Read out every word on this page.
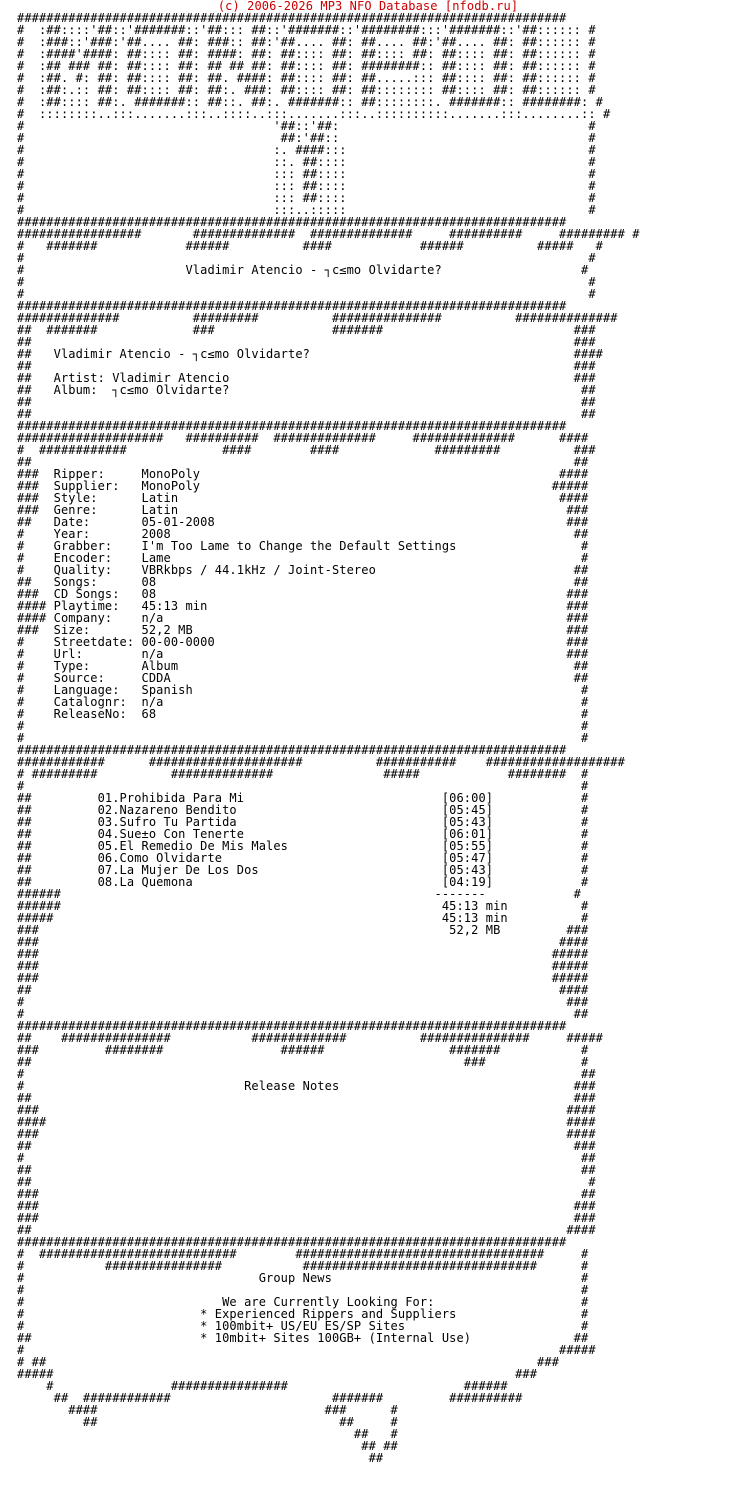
(c) 2006-2026 MP3 NFO Database [nfodb.ru]
###########################################################################
#  :##::::'##::'#######::'##::: ##::'#######::'########:::'#######::'##:::::: #
#  :###::'###:'##.... ##: ###:: ##:'##.... ##: ##.... ##:'##.... ##: ##:::::: #
#  :####'####: ##:::: ##: ####: ##: ##:::: ##: ##:::: ##: ##:::: ##: ##:::::: #
#  :## ### ##: ##:::: ##: ## ## ##: ##:::: ##: ########:: ##:::: ##: ##:::::: #
#  :##. #: ##: ##:::: ##: ##. ####: ##:::: ##: ##.....::: ##:::: ##: ##:::::: #
#  :##:.:: ##: ##:::: ##: ##:. ###: ##:::: ##: ##:::::::: ##:::: ##: ##:::::: #
#  :##:::: ##:. #######:: ##::. ##:. #######:: ##::::::::. #######:: ########: #
#  ::::::::..:::.......:::..::::..:::.......:::..::::::::::.......:::........:: #
#                                  '##::'##:                                  #
#                                   ##:'##::                                  #
#                                  :. ####:::                                 #
#                                  ::. ##::::                                 #
#                                  ::: ##::::                                 #
#                                  ::: ##::::                                 #
#                                  ::: ##::::                                 #
#                                  :::..:::::                                 #
###########################################################################
#################       ##############  ##############     ##########     ######### #
#   #######            ######          ####            ######          #####   #
#                                                                             #
#                      Vladimir Atencio - ┐c≤mo Olvidarte?                   #
#                                                                             #
#                                                                             #
###########################################################################
##############          #########          ###############          ##############
##  #######             ###                #######                          ###
##                                                                          ###
##   Vladimir Atencio - ┐c≤mo Olvidarte?                                    ####
##                                                                          ###
##   Artist: Vladimir Atencio                                               ###
##   Album:  ┐c≤mo Olvidarte?                                                ##
##                                                                           ##
##                                                                           ##
###########################################################################
####################   ##########  ##############     ##############      ####
#  ############             ####        ####             #########          ###
##                                                                          ##
###  Ripper:     MonoPoly                                                 ####
###  Supplier:   MonoPoly                                                #####
###  Style:      Latin                                                    ####
###  Genre:      Latin                                                     ###
##   Date:       05-01-2008                                                ###
#    Year:       2008                                                       ##
#    Grabber:    I'm Too Lame to Change the Default Settings                 #
#    Encoder:    Lame                                                        #
#    Quality:    VBRkbps / 44.1kHz / Joint-Stereo                           ##
##   Songs:      08                                                         ##
###  CD Songs:   08                                                        ###
#### Playtime:   45:13 min                                                 ###
#### Company:    n/a                                                       ###
###  Size:       52,2 MB                                                   ###
#    Streetdate: 00-00-0000                                                ###
#    Url:        n/a                                                       ###
#    Type:       Album                                                      ##
#    Source:     CDDA                                                       ##
#    Language:   Spanish                                                     #
#    Catalognr:  n/a                                                         #
#    ReleaseNo:  68                                                          #
#                                                                            #
#                                                                            #
###########################################################################
############      #####################          ###########    ###################
# #########          ##############               #####            ########  #
#                                                                            #
##         01.Prohibida Para Mi                           [06:00]            #
##         02.Nazareno Bendito                            [05:45]            #
##         03.Sufro Tu Partida                            [05:43]            #
##         04.Sue±o Con Tenerte                           [06:01]            #
##         05.El Remedio De Mis Males                     [05:55]            #
##         06.Como Olvidarte                              [05:47]            #
##         07.La Mujer De Los Dos                         [05:43]            #
##         08.La Quemona                                  [04:19]            #
######                                                   -------            #
######                                                    45:13 min          #
#####                                                     45:13 min          #
###                                                        52,2 MB         ###
###                                                                       ####
###                                                                      #####
###                                                                      #####
###                                                                      #####
##                                                                        ####
#                                                                          ###
#                                                                           ##
###########################################################################
##    ###############           #############          ###############     #####
###         ########                ######                 #######           #
##                                                           ###             #
#                                                                            ##
#                              Release Notes                                ###
##                                                                          ###
###                                                                        ####
####                                                                       ####
###                                                                        ####
##                                                                          ###
#                                                                            ##
##                                                                           ##
##                                                                            #
###                                                                          ##
###                                                                         ###
###                                                                         ###
##                                                                         ####
###########################################################################
#  ###########################        ##################################     #
#           ################           ################################      #
#                                Group News                                  #
#                                                                            #
#                           We are Currently Looking For:                    #
#                        * Experienced Rippers and Suppliers                 #
#                        * 100mbit+ US/EU ES/SP Sites                        #
##                       * 10mbit+ Sites 100GB+ (Internal Use)              ##
#                                                                         #####
# ##                                                                   ###
#####                                                               ###
#                ################                        ######
##  ############                      #######         ##########
####                               ###      #
##                                 ##     #
##   #
## ##
##
